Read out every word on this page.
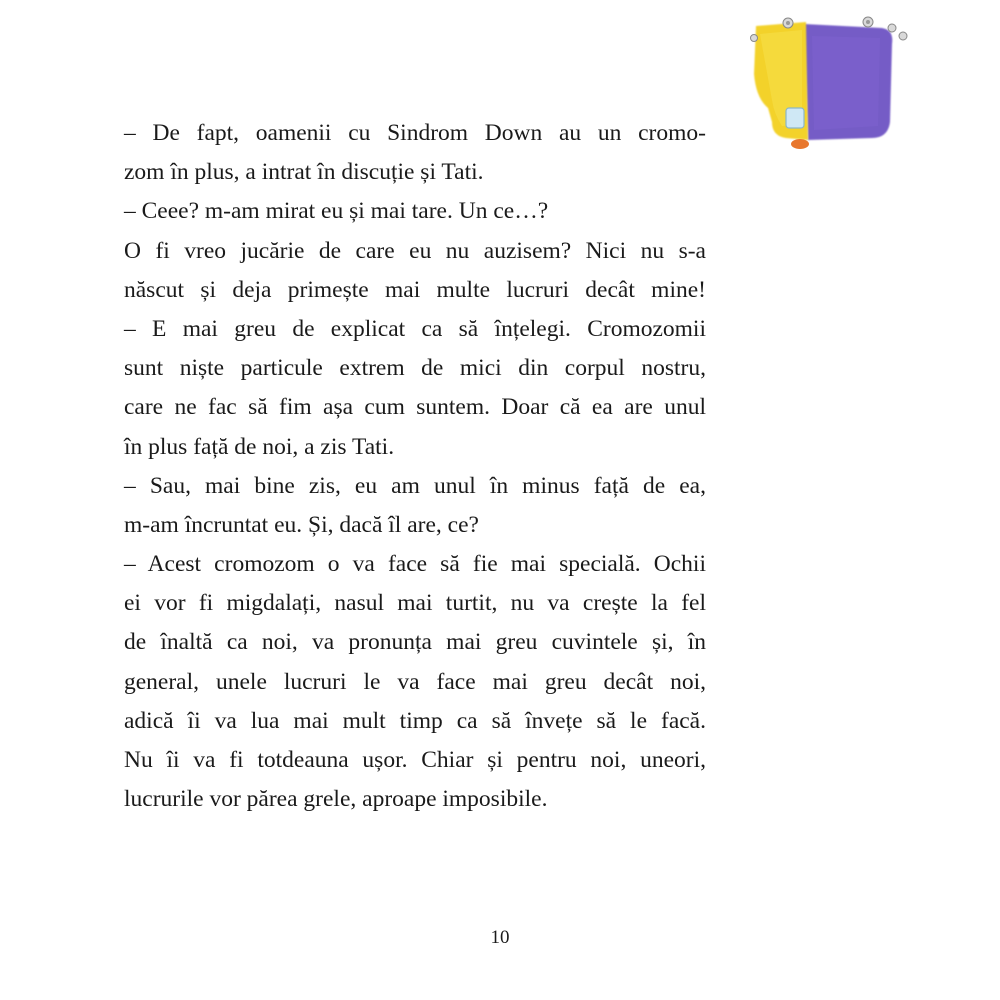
– De fapt, oamenii cu Sindrom Down au un cromo-
zom în plus, a intrat în discuție și Tati.
– Ceee? m-am mirat eu și mai tare. Un ce…?
O fi vreo jucărie de care eu nu auzisem? Nici nu s-a
născut și deja primește mai multe lucruri decât mine!
– E mai greu de explicat ca să înțelegi. Cromozomii
sunt niște particule extrem de mici din corpul nostru,
care ne fac să fim așa cum suntem. Doar că ea are unul
în plus față de noi, a zis Tati.
– Sau, mai bine zis, eu am unul în minus față de ea,
m-am încruntat eu. Și, dacă îl are, ce?
– Acest cromozom o va face să fie mai specială. Ochii
ei vor fi migdalați, nasul mai turtit, nu va crește la fel
de înaltă ca noi, va pronunța mai greu cuvintele și, în
general, unele lucruri le va face mai greu decât noi,
adică îi va lua mai mult timp ca să învețe să le facă.
Nu îi va fi totdeauna ușor. Chiar și pentru noi, uneori,
lucrurile vor părea grele, aproape imposibile.
10
